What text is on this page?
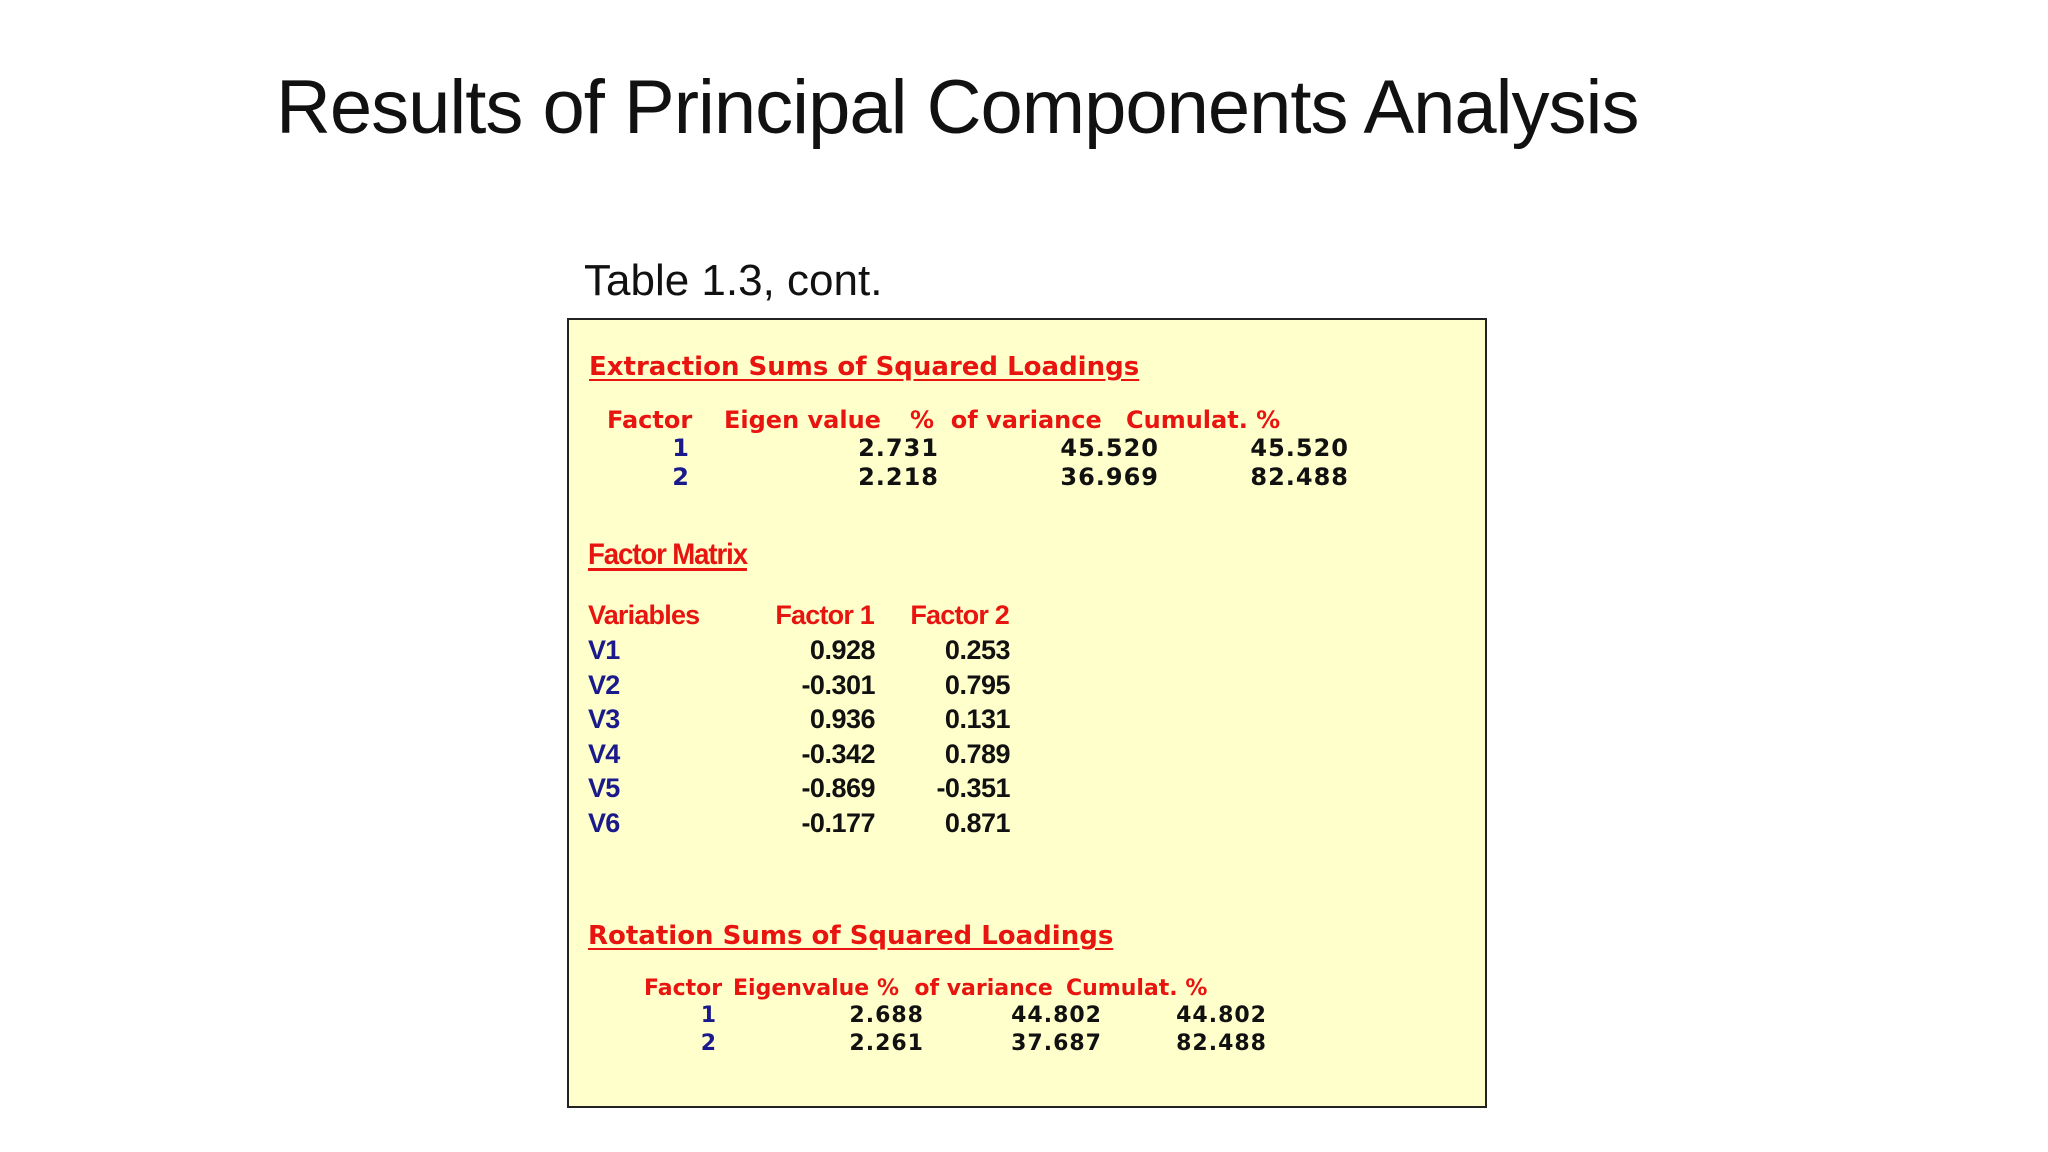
Results of Principal Components Analysis
Table 1.3, cont.
Extraction Sums of Squared Loadings
Factor Eigen value %  of variance Cumulat. %
1	2.731	45.520	45.520
2	2.218	36.969	82.488
Factor Matrix
Variables	Factor 1	Factor 2
V1	0.928	0.253
V2	-0.301	0.795
V3	0.936	0.131
V4	-0.342	0.789
V5	-0.869	-0.351
V6	-0.177	0.871
Rotation Sums of Squared Loadings
Factor Eigenvalue %  of variance Cumulat. %
1	2.688	44.802	44.802
2	2.261	37.687	82.488
